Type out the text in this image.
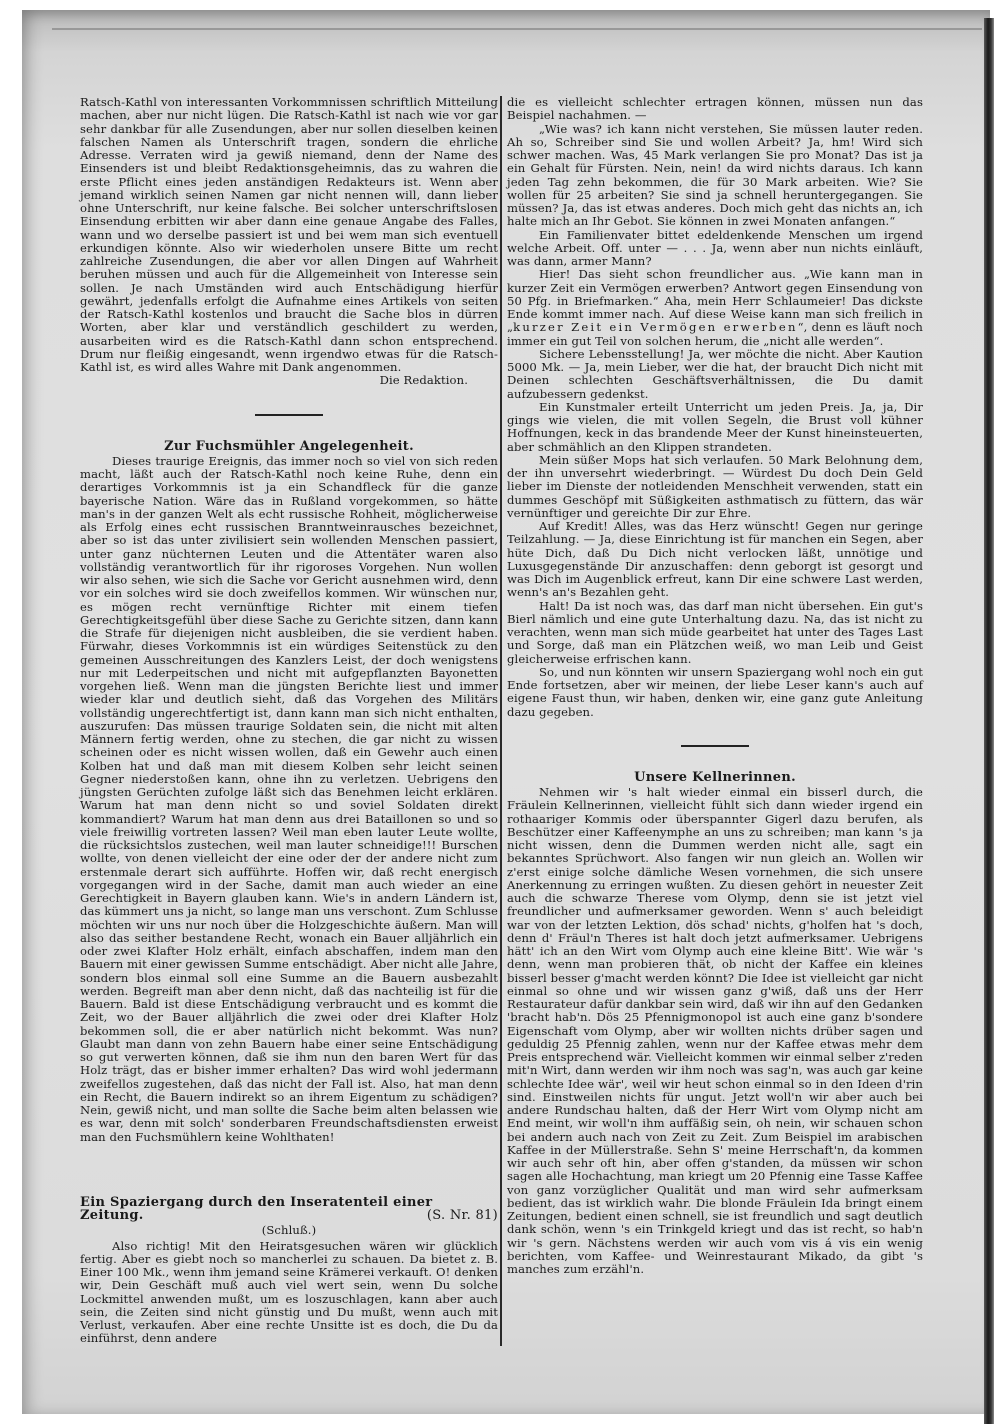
Ratsch-Kathl von interessanten Vorkommnissen schriftlich Mitteilung machen, aber nur nicht lügen. Die Ratsch-Kathl ist nach wie vor gar sehr dankbar für alle Zusendungen, aber nur sollen dieselben keinen falschen Namen als Unterschrift tragen, sondern die ehrliche Adresse. Verraten wird ja gewiß niemand, denn der Name des Einsenders ist und bleibt Redaktionsgeheimnis, das zu wahren die erste Pflicht eines jeden anständigen Redakteurs ist. Wenn aber jemand wirklich seinen Namen gar nicht nennen will, dann lieber ohne Unterschrift, nur keine falsche. Bei solcher unterschriftslosen Einsendung erbitten wir aber dann eine genaue Angabe des Falles, wann und wo derselbe passiert ist und bei wem man sich eventuell erkundigen könnte. Also wir wiederholen unsere Bitte um recht zahlreiche Zusendungen, die aber vor allen Dingen auf Wahrheit beruhen müssen und auch für die Allgemeinheit von Interesse sein sollen. Je nach Umständen wird auch Entschädigung hierfür gewährt, jedenfalls erfolgt die Aufnahme eines Artikels von seiten der Ratsch-Kathl kostenlos und braucht die Sache blos in dürren Worten, aber klar und verständlich geschildert zu werden, ausarbeiten wird es die Ratsch-Kathl dann schon entsprechend. Drum nur fleißig eingesandt, wenn irgendwo etwas für die Ratsch-Kathl ist, es wird alles Wahre mit Dank angenommen.

Die Redaktion.

Zur Fuchsmühler Angelegenheit.

Dieses traurige Ereignis, das immer noch so viel von sich reden macht, läßt auch der Ratsch-Kathl noch keine Ruhe, denn ein derartiges Vorkommnis ist ja ein Schandfleck für die ganze bayerische Nation. Wäre das in Rußland vorgekommen, so hätte man's in der ganzen Welt als echt russische Rohheit, möglicherweise als Erfolg eines echt russischen Branntweinrausches bezeichnet, aber so ist das unter zivilisiert sein wollenden Menschen passiert, unter ganz nüchternen Leuten und die Attentäter waren also vollständig verantwortlich für ihr rigoroses Vorgehen. Nun wollen wir also sehen, wie sich die Sache vor Gericht ausnehmen wird, denn vor ein solches wird sie doch zweifellos kommen. Wir wünschen nur, es mögen recht vernünftige Richter mit einem tiefen Gerechtigkeitsgefühl über diese Sache zu Gerichte sitzen, dann kann die Strafe für diejenigen nicht ausbleiben, die sie verdient haben. Fürwahr, dieses Vorkommnis ist ein würdiges Seitenstück zu den gemeinen Ausschreitungen des Kanzlers Leist, der doch wenigstens nur mit Lederpeitschen und nicht mit aufgepflanzten Bayonetten vorgehen ließ. Wenn man die jüngsten Berichte liest und immer wieder klar und deutlich sieht, daß das Vorgehen des Militärs vollständig ungerechtfertigt ist, dann kann man sich nicht enthalten, auszurufen: Das müssen traurige Soldaten sein, die nicht mit alten Männern fertig werden, ohne zu stechen, die gar nicht zu wissen scheinen oder es nicht wissen wollen, daß ein Gewehr auch einen Kolben hat und daß man mit diesem Kolben sehr leicht seinen Gegner niederstoßen kann, ohne ihn zu verletzen. Uebrigens den jüngsten Gerüchten zufolge läßt sich das Benehmen leicht erklären. Warum hat man denn nicht so und soviel Soldaten direkt kommandiert? Warum hat man denn aus drei Bataillonen so und so viele freiwillig vortreten lassen? Weil man eben lauter Leute wollte, die rücksichtslos zustechen, weil man lauter schneidige!!! Burschen wollte, von denen vielleicht der eine oder der der andere nicht zum erstenmale derart sich aufführte. Hoffen wir, daß recht energisch vorgegangen wird in der Sache, damit man auch wieder an eine Gerechtigkeit in Bayern glauben kann. Wie's in andern Ländern ist, das kümmert uns ja nicht, so lange man uns verschont. Zum Schlusse möchten wir uns nur noch über die Holzgeschichte äußern. Man will also das seither bestandene Recht, wonach ein Bauer alljährlich ein oder zwei Klafter Holz erhält, einfach abschaffen, indem man den Bauern mit einer gewissen Summe entschädigt. Aber nicht alle Jahre, sondern blos einmal soll eine Summe an die Bauern ausbezahlt werden. Begreift man aber denn nicht, daß das nachteilig ist für die Bauern. Bald ist diese Entschädigung verbraucht und es kommt die Zeit, wo der Bauer alljährlich die zwei oder drei Klafter Holz bekommen soll, die er aber natürlich nicht bekommt. Was nun? Glaubt man dann von zehn Bauern habe einer seine Entschädigung so gut verwerten können, daß sie ihm nun den baren Wert für das Holz trägt, das er bisher immer erhalten? Das wird wohl jedermann zweifellos zugestehen, daß das nicht der Fall ist. Also, hat man denn ein Recht, die Bauern indirekt so an ihrem Eigentum zu schädigen? Nein, gewiß nicht, und man sollte die Sache beim alten belassen wie es war, denn mit solch' sonderbaren Freundschaftsdiensten erweist man den Fuchsmühlern keine Wohlthaten!

Ein Spaziergang durch den Inseratenteil einer Zeitung.	(S. Nr. 81)
(Schluß.)

Also richtig! Mit den Heiratsgesuchen wären wir glücklich fertig. Aber es giebt noch so mancherlei zu schauen. Da bietet z. B. Einer 100 Mk., wenn ihm jemand seine Krämerei verkauft. O! denken wir, Dein Geschäft muß auch viel wert sein, wenn Du solche Lockmittel anwenden mußt, um es loszuschlagen, kann aber auch sein, die Zeiten sind nicht günstig und Du mußt, wenn auch mit Verlust, verkaufen. Aber eine rechte Unsitte ist es doch, die Du da einführst, denn andere

die es vielleicht schlechter ertragen können, müssen nun das Beispiel nachahmen. —

„Wie was? ich kann nicht verstehen, Sie müssen lauter reden. Ah so, Schreiber sind Sie und wollen Arbeit? Ja, hm! Wird sich schwer machen. Was, 45 Mark verlangen Sie pro Monat? Das ist ja ein Gehalt für Fürsten. Nein, nein! da wird nichts daraus. Ich kann jeden Tag zehn bekommen, die für 30 Mark arbeiten. Wie? Sie wollen für 25 arbeiten? Sie sind ja schnell heruntergegangen. Sie müssen? Ja, das ist etwas anderes. Doch mich geht das nichts an, ich halte mich an Ihr Gebot. Sie können in zwei Monaten anfangen.“

Ein Familienvater bittet edeldenkende Menschen um irgend welche Arbeit. Off. unter — . . . Ja, wenn aber nun nichts einläuft, was dann, armer Mann?

Hier! Das sieht schon freundlicher aus. „Wie kann man in kurzer Zeit ein Vermögen erwerben? Antwort gegen Einsendung von 50 Pfg. in Briefmarken.“ Aha, mein Herr Schlaumeier! Das dickste Ende kommt immer nach. Auf diese Weise kann man sich freilich in „kurzer Zeit ein Vermögen erwerben“, denn es läuft noch immer ein gut Teil von solchen herum, die „nicht alle werden“.

Sichere Lebensstellung! Ja, wer möchte die nicht. Aber Kaution 5000 Mk. — Ja, mein Lieber, wer die hat, der braucht Dich nicht mit Deinen schlechten Geschäftsverhältnissen, die Du damit aufzubessern gedenkst.

Ein Kunstmaler erteilt Unterricht um jeden Preis. Ja, ja, Dir gings wie vielen, die mit vollen Segeln, die Brust voll kühner Hoffnungen, keck in das brandende Meer der Kunst hineinsteuerten, aber schmählich an den Klippen strandeten.

Mein süßer Mops hat sich verlaufen. 50 Mark Belohnung dem, der ihn unversehrt wiederbringt. — Würdest Du doch Dein Geld lieber im Dienste der notleidenden Menschheit verwenden, statt ein dummes Geschöpf mit Süßigkeiten asthmatisch zu füttern, das wär vernünftiger und gereichte Dir zur Ehre.

Auf Kredit! Alles, was das Herz wünscht! Gegen nur geringe Teilzahlung. — Ja, diese Einrichtung ist für manchen ein Segen, aber hüte Dich, daß Du Dich nicht verlocken läßt, unnötige und Luxusgegenstände Dir anzuschaffen: denn geborgt ist gesorgt und was Dich im Augenblick erfreut, kann Dir eine schwere Last werden, wenn's an's Bezahlen geht.

Halt! Da ist noch was, das darf man nicht übersehen. Ein gut's Bierl nämlich und eine gute Unterhaltung dazu. Na, das ist nicht zu verachten, wenn man sich müde gearbeitet hat unter des Tages Last und Sorge, daß man ein Plätzchen weiß, wo man Leib und Geist gleicherweise erfrischen kann.

So, und nun könnten wir unsern Spaziergang wohl noch ein gut Ende fortsetzen, aber wir meinen, der liebe Leser kann's auch auf eigene Faust thun, wir haben, denken wir, eine ganz gute Anleitung dazu gegeben.

Unsere Kellnerinnen.

Nehmen wir 's halt wieder einmal ein bisserl durch, die Fräulein Kellnerinnen, vielleicht fühlt sich dann wieder irgend ein rothaariger Kommis oder überspannter Gigerl dazu berufen, als Beschützer einer Kaffeenymphe an uns zu schreiben; man kann 's ja nicht wissen, denn die Dummen werden nicht alle, sagt ein bekanntes Sprüchwort. Also fangen wir nun gleich an. Wollen wir z'erst einige solche dämliche Wesen vornehmen, die sich unsere Anerkennung zu erringen wußten. Zu diesen gehört in neuester Zeit auch die schwarze Therese vom Olymp, denn sie ist jetzt viel freundlicher und aufmerksamer geworden. Wenn s' auch beleidigt war von der letzten Lektion, dös schad' nichts, g'holfen hat 's doch, denn d' Fräul'n Theres ist halt doch jetzt aufmerksamer. Uebrigens hätt' ich an den Wirt vom Olymp auch eine kleine Bitt'. Wie wär 's denn, wenn man probieren thät, ob nicht der Kaffee ein kleines bisserl besser g'macht werden könnt? Die Idee ist vielleicht gar nicht einmal so ohne und wir wissen ganz g'wiß, daß uns der Herr Restaurateur dafür dankbar sein wird, daß wir ihn auf den Gedanken 'bracht hab'n. Dös 25 Pfennigmonopol ist auch eine ganz b'sondere Eigenschaft vom Olymp, aber wir wollten nichts drüber sagen und geduldig 25 Pfennig zahlen, wenn nur der Kaffee etwas mehr dem Preis entsprechend wär. Vielleicht kommen wir einmal selber z'reden mit'n Wirt, dann werden wir ihm noch was sag'n, was auch gar keine schlechte Idee wär', weil wir heut schon einmal so in den Ideen d'rin sind. Einstweilen nichts für ungut. Jetzt woll'n wir aber auch bei andere Rundschau halten, daß der Herr Wirt vom Olymp nicht am End meint, wir woll'n ihm auffäßig sein, oh nein, wir schauen schon bei andern auch nach von Zeit zu Zeit. Zum Beispiel im arabischen Kaffee in der Müllerstraße. Sehn S' meine Herrschaft'n, da kommen wir auch sehr oft hin, aber offen g'standen, da müssen wir schon sagen alle Hochachtung, man kriegt um 20 Pfennig eine Tasse Kaffee von ganz vorzüglicher Qualität und man wird sehr aufmerksam bedient, das ist wirklich wahr. Die blonde Fräulein Ida bringt einem Zeitungen, bedient einen schnell, sie ist freundlich und sagt deutlich dank schön, wenn 's ein Trinkgeld kriegt und das ist recht, so hab'n wir 's gern. Nächstens werden wir auch vom vis á vis ein wenig berichten, vom Kaffee- und Weinrestaurant Mikado, da gibt 's manches zum erzähl'n.
